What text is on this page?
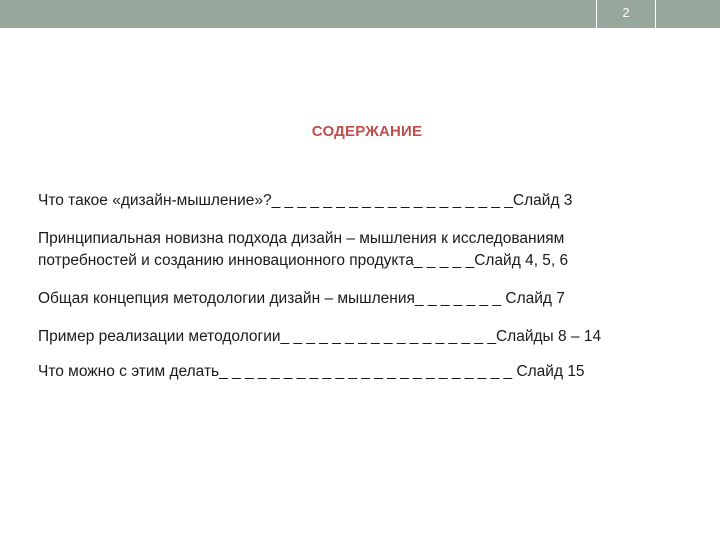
2
СОДЕРЖАНИЕ
Что такое «дизайн-мышление»?_ _ _ _ _ _ _ _ _ _ _ _ _ _ _ _ _ _ _Слайд 3
Принципиальная новизна подхода дизайн – мышления к исследованиям
потребностей и созданию инновационного продукта_ _ _ _ _Слайд 4, 5, 6
Общая концепция методологии дизайн – мышления_ _ _ _ _ _ _ Слайд 7
Пример реализации методологии_ _ _ _ _ _ _ _ _ _ _ _ _ _ _ _ _Слайды 8 – 14
Что можно с этим делать_ _ _ _ _ _ _ _ _ _ _ _ _ _ _ _ _ _ _ _ _ _ _ Слайд 15
